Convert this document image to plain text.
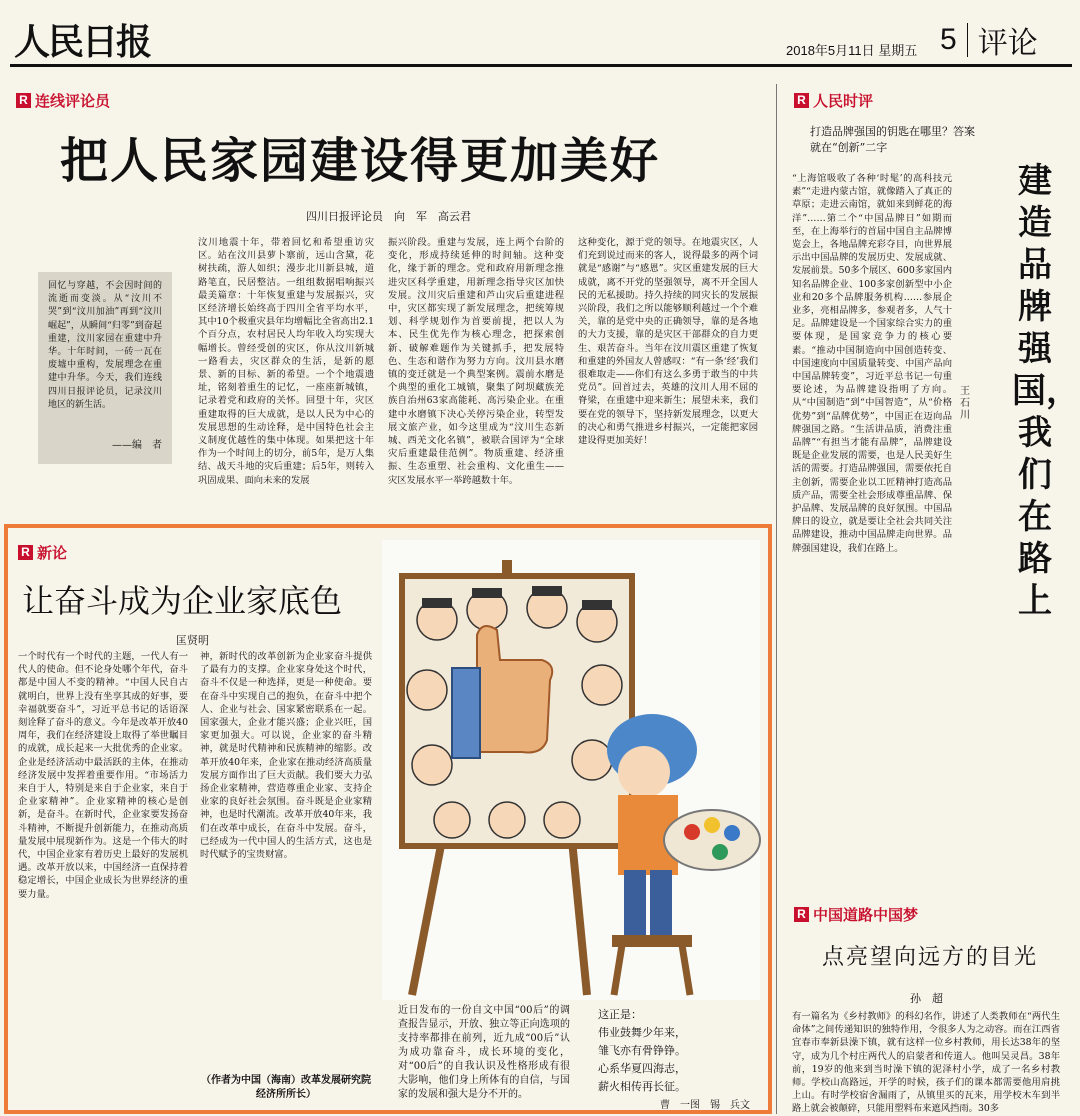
人民日报	2018年5月11日 星期五 5 评论
R 连线评论员
把人民家园建设得更加美好
四川日报评论员　向　军　高云君
回忆与穿越，不会因时间的流逝而变淡。从“汶川不哭”到“汶川加油”再到“汶川崛起”，从瞬间“归零”到奋起重建，汶川家园在重建中升华。十年时间，一砖一瓦在废墟中重构，发展理念在重建中升华。今天，我们连线四川日报评论员，记录汶川地区的新生活。
——编　者
汶川地震十年，带着回忆和希望重访灾区。站在汶川县萝卜寨前，远山含黛，花树扶疏，游人如织；漫步北川新县城，道路笔直，民居整洁。一组组数据唱响振兴最美篇章：十年恢复重建与发展振兴，灾区经济增长始终高于四川全省平均水平，其中10个极重灾县年均增幅比全省高出2.1个百分点，农村居民人均年收入均实现大幅增长。曾经受创的灾区，你从汶川新城一路看去，灾区群众的生活，是新的愿景、新的目标、新的希望。一个个地震遗址，铭刻着重生的记忆，一座座新城镇，记录着党和政府的关怀。回望十年，灾区重建取得的巨大成就，是以人民为中心的发展思想的生动诠释，是中国特色社会主义制度优越性的集中体现。如果把这十年作为一个时间上的切分，前5年，是万人集结、战天斗地的灾后重建；后5年，则转入巩固成果、面向未来的发展
振兴阶段。重建与发展，连上两个台阶的变化，形成持续延伸的时间轴。这种变化，缘于新的理念。党和政府用新理念推进灾区科学重建，用新理念指导灾区加快发展。汶川灾后重建和芦山灾后重建进程中，灾区都实现了新发展理念，把统筹规划、科学规划作为首要前提，把以人为本、民生优先作为核心理念，把探索创新、破解难题作为关键抓手，把发展特色、生态和谐作为努力方向。汶川县水磨镇的变迁就是一个典型案例。震前水磨是个典型的重化工城镇，聚集了阿坝藏族羌族自治州63家高能耗、高污染企业。在重建中水磨镇下决心关停污染企业，转型发展文旅产业，如今这里成为“汶川生态新城、西羌文化名镇”，被联合国评为“全球灾后重建最佳范例”。物质重建、经济重振、生态重塑、社会重构、文化重生——灾区发展水平一举跨越数十年。
这种变化，源于党的领导。在地震灾区，人们充到说过而来的客人，说得最多的两个词就是“感谢”与“感恩”。灾区重建发展的巨大成就，离不开党的坚强领导，离不开全国人民的无私援助。持久持续的同灾长的发展振兴阶段，我们之所以能够顺利越过一个个难关，靠的是党中央的正确领导，靠的是各地的大力支援，靠的是灾区干部群众的自力更生、艰苦奋斗。当年在汶川震区重建了恢复和重建的外国友人曾感叹：“有一条‘经’我们很难取走——你们有这么多勇于敢当的中共党员”。回首过去，英雄的汶川人用不屈的脊梁，在重建中迎来新生；展望未来，我们要在党的领导下，坚持新发展理念，以更大的决心和勇气推进乡村振兴，一定能把家园建设得更加美好！
R 人民时评
打造品牌强国的钥匙在哪里？答案就在“创新”二字
建造品牌强国，我们在路上
王石川
“上海馆吸收了各种‘时髦’的高科技元素”“走进内蒙古馆，就像踏入了真正的草原；走进云南馆，就如来到鲜花的海洋”……第二个“中国品牌日”如期而至，在上海举行的首届中国自主品牌博览会上，各地品牌充彩夺目，向世界展示出中国品牌的发展历史、发展成就、发展前景。50多个展区、600多家国内知名品牌企业、100多家创新型中小企业和20多个品牌服务机构……参展企业多，亮相品牌多，参观者多，人气十足。品牌建设是一个国家综合实力的重要体现，是国家竞争力的核心要素。“推动中国制造向中国创造转变、中国速度向中国质量转变、中国产品向中国品牌转变”，习近平总书记一句重要论述，为品牌建设指明了方向。从“中国制造”到“中国智造”，从“价格优势”到“品牌优势”，中国正在迈向品牌强国之路。“生活讲品质，消费注重品牌”“有担当才能有品牌”，品牌建设既是企业发展的需要，也是人民美好生活的需要。打造品牌强国，需要依托自主创新，需要企业以工匠精神打造高品质产品，需要全社会形成尊重品牌、保护品牌、发展品牌的良好氛围。中国品牌日的设立，就是要让全社会共同关注品牌建设，推动中国品牌走向世界。品牌强国建设，我们在路上。
R 中国道路中国梦
点亮望向远方的目光
孙　超
有一篇名为《乡村教师》的科幻名作，讲述了人类教师在“两代生命体”之间传递知识的独特作用，令很多人为之动容。而在江西省宜春市奉新县澡下镇，就有这样一位乡村教师，用长达38年的坚守，成为几个村庄两代人的启蒙者和传道人。他叫吴灵昌。38年前，19岁的他来到当时澡下镇的泥泽村小学，成了一名乡村教师。学校山高路远，开学的时候，孩子们的课本都需要他用肩挑上山。有时学校宿舍漏雨了，从镇里买的瓦来，用学校木车到半路上就会被颠碎，只能用塑料布来遮风挡雨。30多
R 新论
让奋斗成为企业家底色
匡贤明
一个时代有一个时代的主题，一代人有一代人的使命。但不论身处哪个年代，奋斗都是中国人不变的精神。“中国人民自古就明白，世界上没有坐享其成的好事，要幸福就要奋斗”，习近平总书记的话语深刻诠释了奋斗的意义。今年是改革开放40周年，我们在经济建设上取得了举世瞩目的成就，成长起来一大批优秀的企业家。企业是经济活动中最活跃的主体，在推动经济发展中发挥着重要作用。“市场活力来自于人，特别是来自于企业家，来自于企业家精神”。企业家精神的核心是创新，是奋斗。在新时代，企业家要发扬奋斗精神，不断提升创新能力，在推动高质量发展中展现新作为。这是一个伟大的时代，中国企业家有着历史上最好的发展机遇。改革开放以来，中国经济一直保持着稳定增长，中国企业成长为世界经济的重要力量。
神，新时代的改革创新为企业家奋斗提供了最有力的支撑。企业家身处这个时代，奋斗不仅是一种选择，更是一种使命。要在奋斗中实现自己的抱负，在奋斗中把个人、企业与社会、国家紧密联系在一起。国家强大，企业才能兴盛；企业兴旺，国家更加强大。可以说，企业家的奋斗精神，就是时代精神和民族精神的缩影。改革开放40年来，企业家在推动经济高质量发展方面作出了巨大贡献。我们要大力弘扬企业家精神，营造尊重企业家、支持企业家的良好社会氛围。奋斗既是企业家精神，也是时代潮流。改革开放40年来，我们在改革中成长，在奋斗中发展。奋斗，已经成为一代中国人的生活方式，这也是时代赋予的宝贵财富。
（作者为中国（海南）改革发展研究院经济所所长）
近日发布的一份自文中国“00后”的调查报告显示，开放、独立等正向选项的支持率都排在前列，近九成“00后”认为成功靠奋斗，成长环境的变化，对“00后”的自我认识及性格形成有很大影响，他们身上所体有的自信，与国家的发展和强大是分不开的。
这正是：
伟业鼓舞少年来，
雏飞亦有骨铮铮。
心系华夏四海志，
薪火相传再长征。
曹　一图　锡　兵文
